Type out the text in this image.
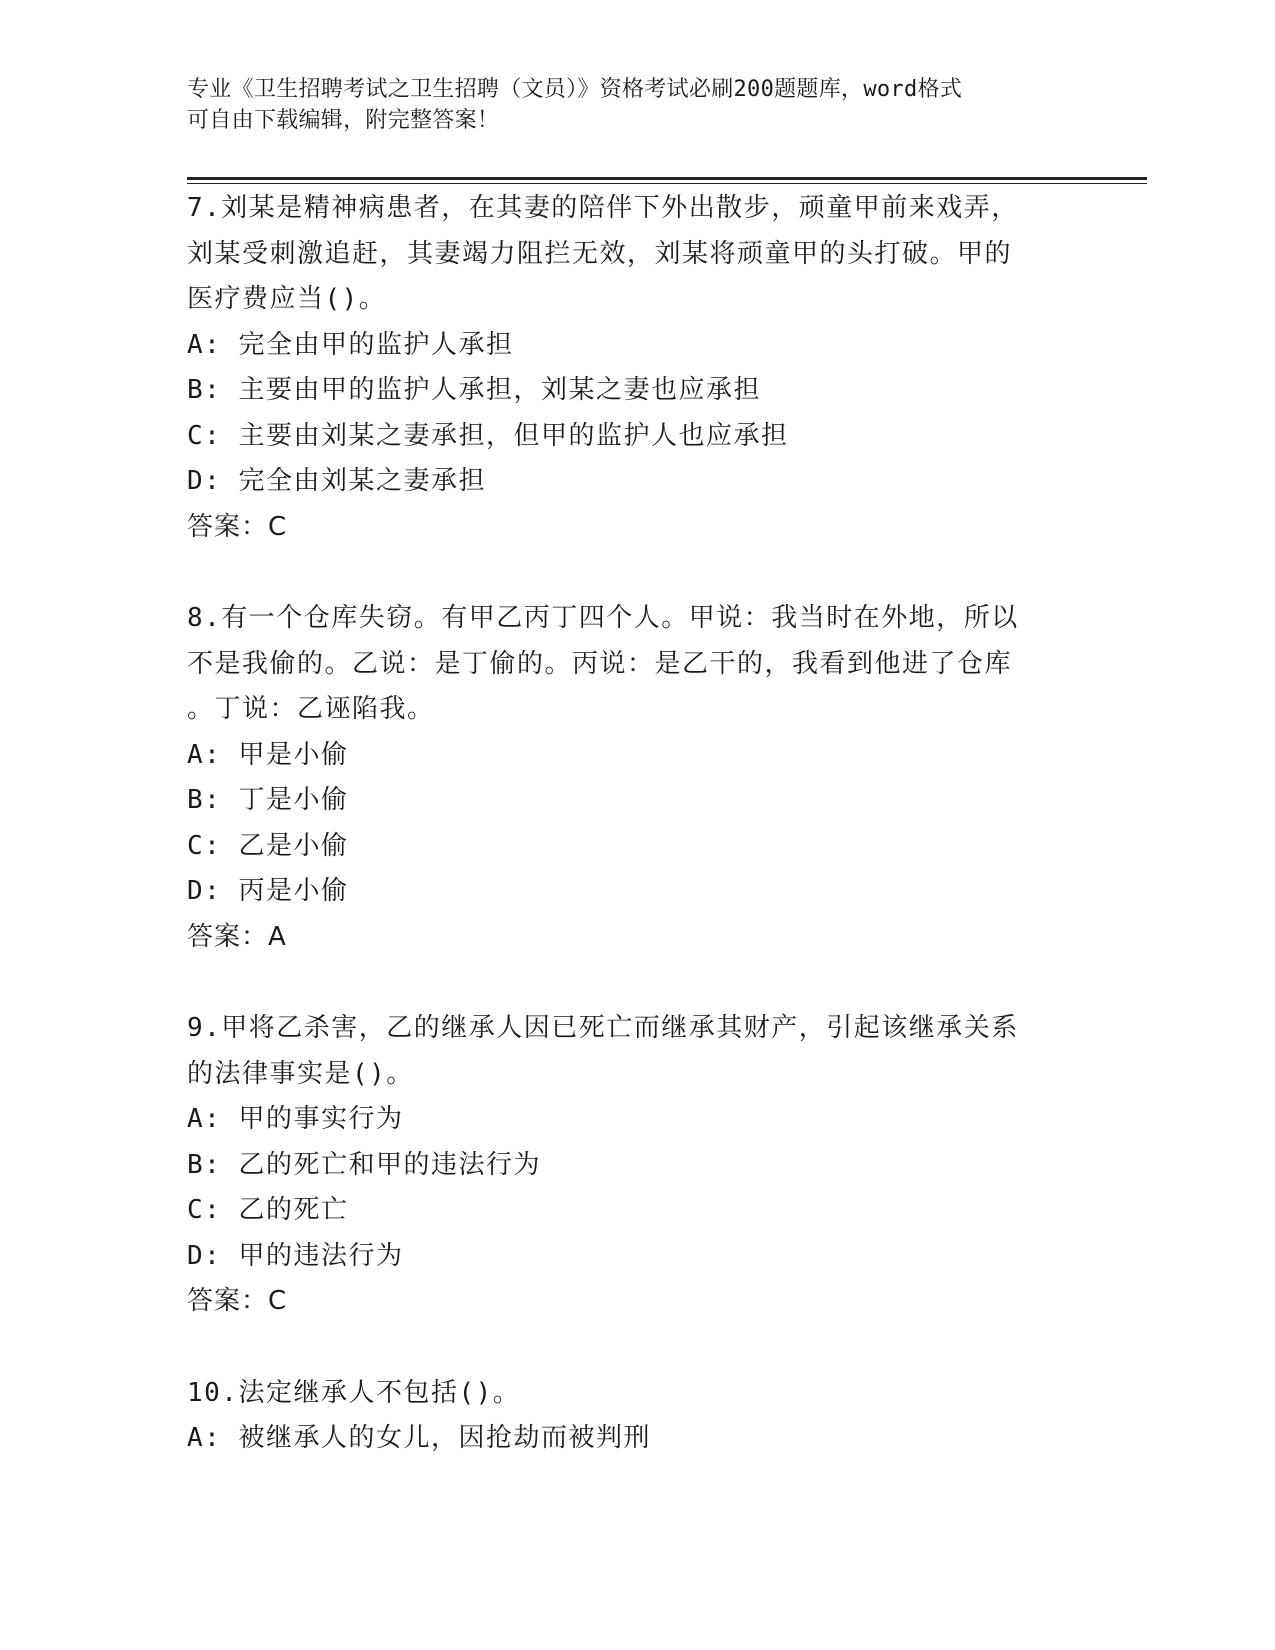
专业《卫生招聘考试之卫生招聘（文员）》资格考试必刷200题题库，word格式
可自由下载编辑，附完整答案！
7.刘某是精神病患者，在其妻的陪伴下外出散步，顽童甲前来戏弄，
刘某受刺激追赶，其妻竭力阻拦无效，刘某将顽童甲的头打破。甲的
医疗费应当()。
A: 完全由甲的监护人承担
B: 主要由甲的监护人承担，刘某之妻也应承担
C: 主要由刘某之妻承担，但甲的监护人也应承担
D: 完全由刘某之妻承担
答案：C
8.有一个仓库失窃。有甲乙丙丁四个人。甲说：我当时在外地，所以
不是我偷的。乙说：是丁偷的。丙说：是乙干的，我看到他进了仓库
。丁说：乙诬陷我。
A: 甲是小偷
B: 丁是小偷
C: 乙是小偷
D: 丙是小偷
答案：A
9.甲将乙杀害，乙的继承人因已死亡而继承其财产，引起该继承关系
的法律事实是()。
A: 甲的事实行为
B: 乙的死亡和甲的违法行为
C: 乙的死亡
D: 甲的违法行为
答案：C
10.法定继承人不包括()。
A: 被继承人的女儿，因抢劫而被判刑
